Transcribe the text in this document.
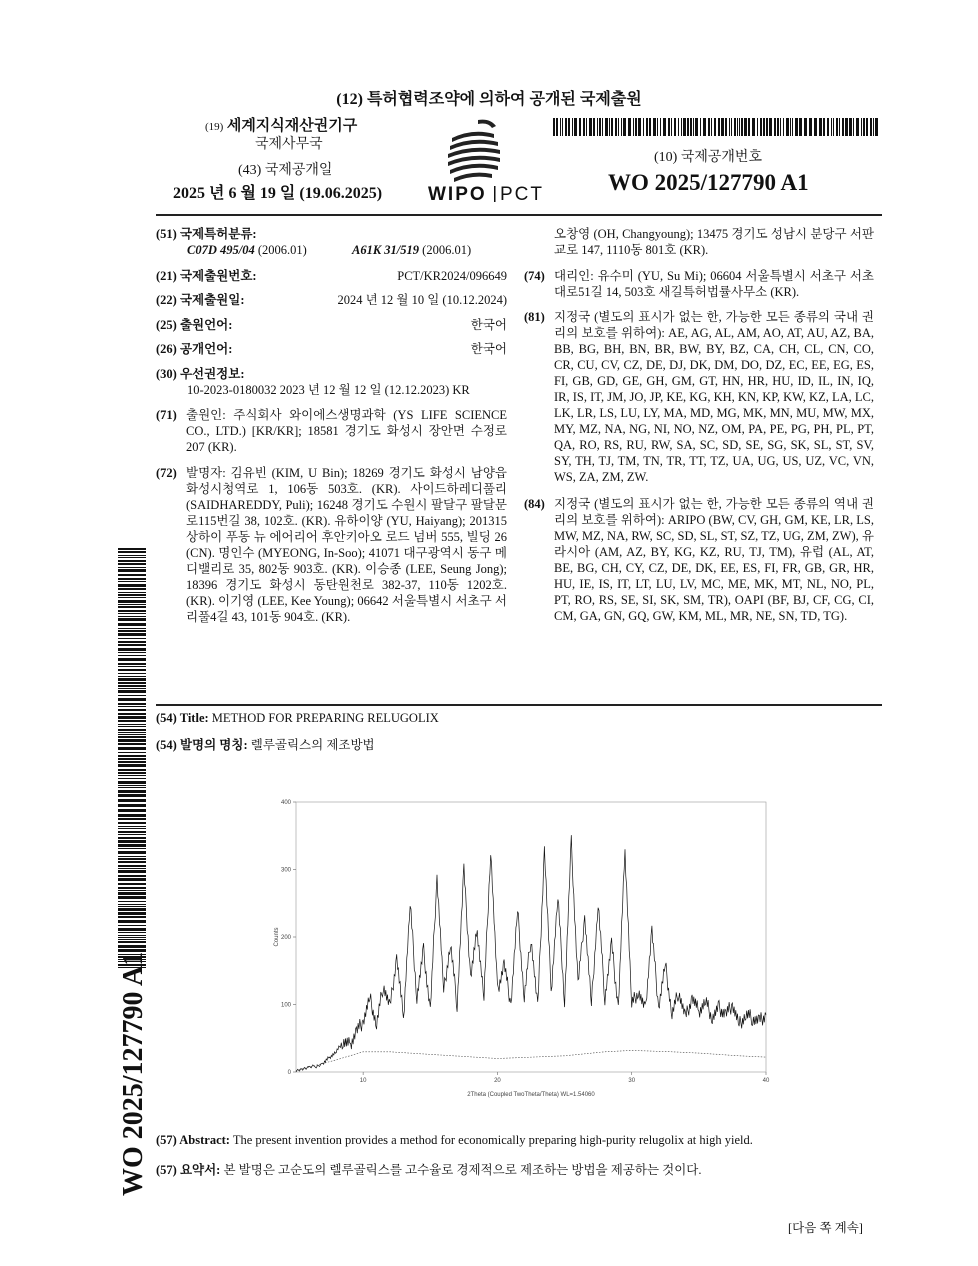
(12) 특허협력조약에 의하여 공개된 국제출원
(19) 세계지식재산권기구
국제사무국
(43) 국제공개일
2025 년 6 월 19 일 (19.06.2025) WIPO PCT
(10) 국제공개번호
WO 2025/127790 A1
(51) 국제특허분류:
C07D 495/04 (2006.01)	A61K 31/519 (2006.01)
(21) 국제출원번호:	PCT/KR2024/096649
(22) 국제출원일:	2024 년 12 월 10 일 (10.12.2024)
(25) 출원언어:	한국어
(26) 공개언어:	한국어
(30) 우선권정보:
10-2023-0180032 2023 년 12 월 12 일 (12.12.2023) KR
(71) 출원인: 주식회사 와이에스생명과학 (YS LIFE SCIENCE CO., LTD.) [KR/KR]; 18581 경기도 화성시 장안면 수정로 207 (KR).
(72) 발명자: 김유빈 (KIM, U Bin); 18269 경기도 화성시 남양읍 화성시청역로 1, 106동 503호. (KR). 사이드하레디풀리 (SAIDHAREDDY, Puli); 16248 경기도 수원시 팔달구 팔달문로115번길 38, 102호. (KR). 유하이양 (YU, Haiyang); 201315 상하이 푸동 뉴 에어리어 후안키아오 로드 넘버 555, 빌딩 26 (CN). 명인수 (MYEONG, In-Soo); 41071 대구광역시 동구 메디밸리로 35, 802동 903호. (KR). 이승종 (LEE, Seung Jong); 18396 경기도 화성시 동탄원천로 382-37, 110동 1202호. (KR). 이기영 (LEE, Kee Young); 06642 서울특별시 서초구 서리풀4길 43, 101동 904호. (KR).
오창영 (OH, Changyoung); 13475 경기도 성남시 분당구 서판교로 147, 1110동 801호 (KR).
(74) 대리인: 유수미 (YU, Su Mi); 06604 서울특별시 서초구 서초대로51길 14, 503호 새길특허법률사무소 (KR).
(81) 지정국 (별도의 표시가 없는 한, 가능한 모든 종류의 국내 권리의 보호를 위하여): AE, AG, AL, AM, AO, AT, AU, AZ, BA, BB, BG, BH, BN, BR, BW, BY, BZ, CA, CH, CL, CN, CO, CR, CU, CV, CZ, DE, DJ, DK, DM, DO, DZ, EC, EE, EG, ES, FI, GB, GD, GE, GH, GM, GT, HN, HR, HU, ID, IL, IN, IQ, IR, IS, IT, JM, JO, JP, KE, KG, KH, KN, KP, KW, KZ, LA, LC, LK, LR, LS, LU, LY, MA, MD, MG, MK, MN, MU, MW, MX, MY, MZ, NA, NG, NI, NO, NZ, OM, PA, PE, PG, PH, PL, PT, QA, RO, RS, RU, RW, SA, SC, SD, SE, SG, SK, SL, ST, SV, SY, TH, TJ, TM, TN, TR, TT, TZ, UA, UG, US, UZ, VC, VN, WS, ZA, ZM, ZW.
(84) 지정국 (별도의 표시가 없는 한, 가능한 모든 종류의 역내 권리의 보호를 위하여): ARIPO (BW, CV, GH, GM, KE, LR, LS, MW, MZ, NA, RW, SC, SD, SL, ST, SZ, TZ, UG, ZM, ZW), 유라시아 (AM, AZ, BY, KG, KZ, RU, TJ, TM), 유럽 (AL, AT, BE, BG, CH, CY, CZ, DE, DK, EE, ES, FI, FR, GB, GR, HR, HU, IE, IS, IT, LT, LU, LV, MC, ME, MK, MT, NL, NO, PL, PT, RO, RS, SE, SI, SK, SM, TR), OAPI (BF, BJ, CF, CG, CI, CM, GA, GN, GQ, GW, KM, ML, MR, NE, SN, TD, TG).
(54) Title: METHOD FOR PREPARING RELUGOLIX
(54) 발명의 명칭: 렐루골릭스의 제조방법
0
100
200
300
400
10	20	30	40
Counts
2Theta (Coupled TwoTheta/Theta) WL=1.54060
(57) Abstract: The present invention provides a method for economically preparing high-purity relugolix at high yield.
(57) 요약서: 본 발명은 고순도의 렐루골릭스를 고수율로 경제적으로 제조하는 방법을 제공하는 것이다.
[다음 쪽 계속]
WO 2025/127790 A1
